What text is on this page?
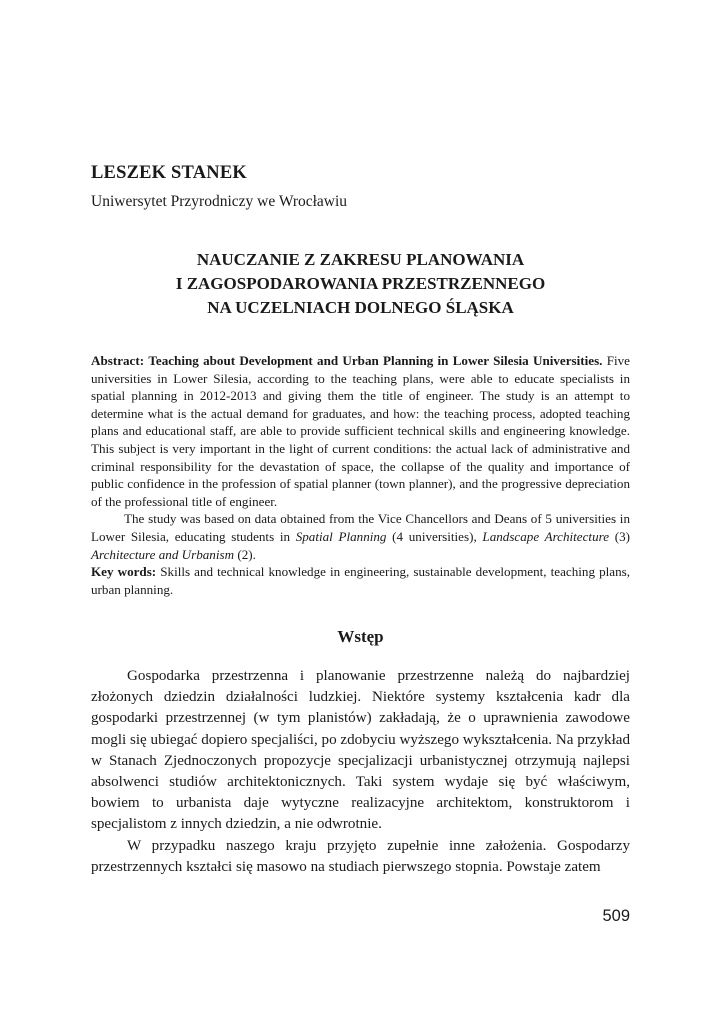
LESZEK STANEK

Uniwersytet Przyrodniczy we Wrocławiu

NAUCZANIE Z ZAKRESU PLANOWANIA
I ZAGOSPODAROWANIA PRZESTRZENNEGO
NA UCZELNIACH DOLNEGO ŚLĄSKA

Abstract: Teaching about Development and Urban Planning in Lower Silesia Universities. Five universities in Lower Silesia, according to the teaching plans, were able to educate specialists in spatial planning in 2012-2013 and giving them the title of engineer. The study is an attempt to determine what is the actual demand for graduates, and how: the teaching process, adopted teaching plans and educational staff, are able to provide sufficient technical skills and engineering knowledge. This subject is very important in the light of current conditions: the actual lack of administrative and criminal responsibility for the devastation of space, the collapse of the quality and importance of public confidence in the profession of spatial planner (town planner), and the progressive depreciation of the professional title of engineer.

The study was based on data obtained from the Vice Chancellors and Deans of 5 universities in Lower Silesia, educating students in Spatial Planning (4 universities), Landscape Architecture (3) Architecture and Urbanism (2).

Key words: Skills and technical knowledge in engineering, sustainable development, teaching plans, urban planning.

Wstęp

Gospodarka przestrzenna i planowanie przestrzenne należą do najbardziej złożonych dziedzin działalności ludzkiej. Niektóre systemy kształcenia kadr dla gospodarki przestrzennej (w tym planistów) zakładają, że o uprawnienia zawodowe mogli się ubiegać dopiero specjaliści, po zdobyciu wyższego wykształcenia. Na przykład w Stanach Zjednoczonych propozycje specjalizacji urbanistycznej otrzymują najlepsi absolwenci studiów architektonicznych. Taki system wydaje się być właściwym, bowiem to urbanista daje wytyczne realizacyjne architektom, konstruktorom i specjalistom z innych dziedzin, a nie odwrotnie.

W przypadku naszego kraju przyjęto zupełnie inne założenia. Gospodarzy przestrzennych kształci się masowo na studiach pierwszego stopnia. Powstaje zatem

509
